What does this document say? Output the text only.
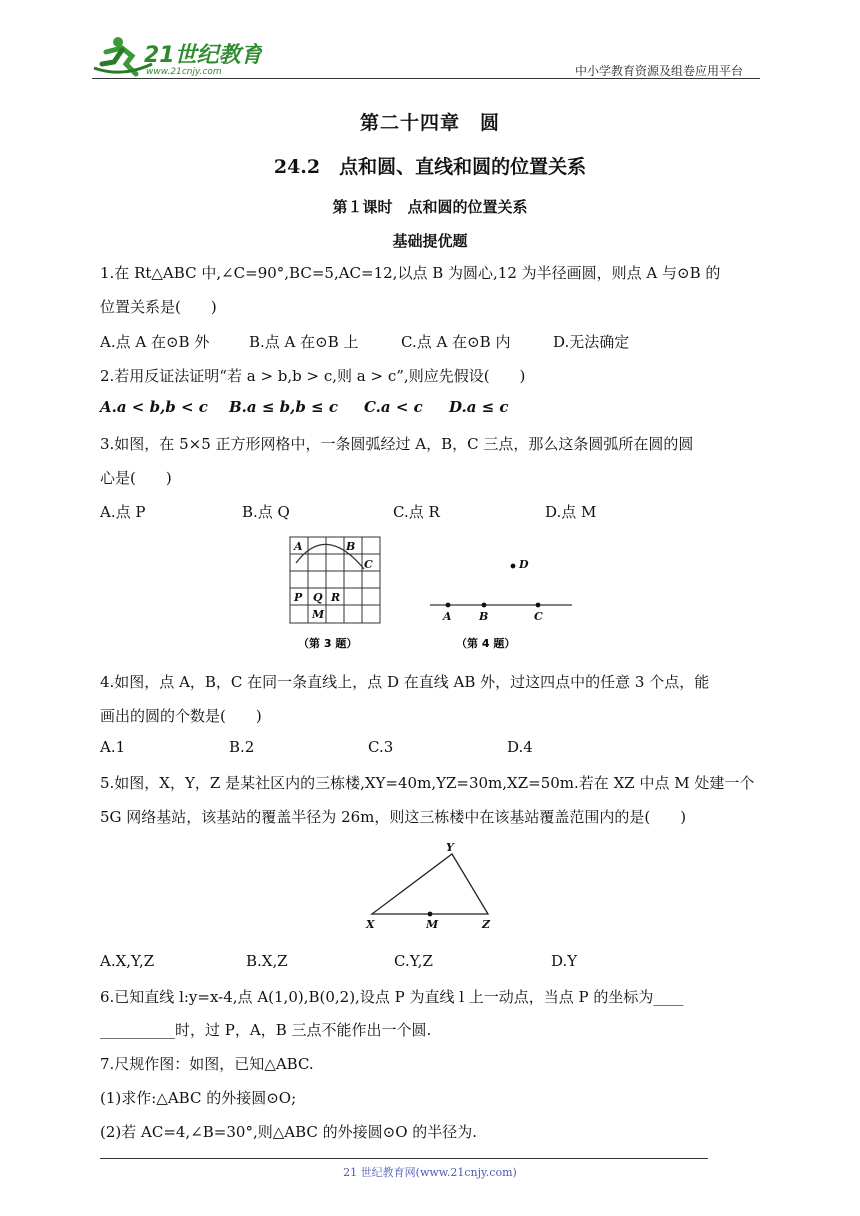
21世纪教育
www.21cnjy.com	中小学教育资源及组卷应用平台
第二十四章　圆
24.2　点和圆、直线和圆的位置关系
第１课时　点和圆的位置关系
基础提优题
1.在 Rt△ABC 中,∠C=90°,BC=5,AC=12,以点 B 为圆心,12 为半径画圆，则点 A 与⊙B 的
位置关系是(　　)
A.点 A 在⊙B 外	B.点 A 在⊙B 上	C.点 A 在⊙B 内	D.无法确定
2.若用反证法证明“若 a > b,b > c,则 a > c”,则应先假设(　　)
A.a < b,b < c B.a ≤ b,b ≤ c C.a < c D.a ≤ c
3.如图，在 5×5 正方形网格中，一条圆弧经过 A，B，C 三点，那么这条圆弧所在圆的圆
心是(　　)
A.点 P	B.点 Q	C.点 R	D.点 M
A	B
C
P Q R
M
（第 3 题）
A B	C
D
（第 4 题）
4.如图，点 A，B，C 在同一条直线上，点 D 在直线 AB 外，过这四点中的任意 3 个点，能
画出的圆的个数是(　　)
A.1	B.2	C.3	D.4
5.如图，X，Y，Z 是某社区内的三栋楼,XY=40m,YZ=30m,XZ=50m.若在 XZ 中点 M 处建一个
5G 网络基站，该基站的覆盖半径为 26m，则这三栋楼中在该基站覆盖范围内的是(　　)
Y
X	M	Z
A.X,Y,Z	B.X,Z	C.Y,Z	D.Y
6.已知直线 l:y=x-4,点 A(1,0),B(0,2),设点 P 为直线 l 上一动点，当点 P 的坐标为____
__________时，过 P，A，B 三点不能作出一个圆.
7.尺规作图：如图，已知△ABC.
(1)求作:△ABC 的外接圆⊙O;
(2)若 AC=4,∠B=30°,则△ABC 的外接圆⊙O 的半径为.
21 世纪教育网(www.21cnjy.com)
